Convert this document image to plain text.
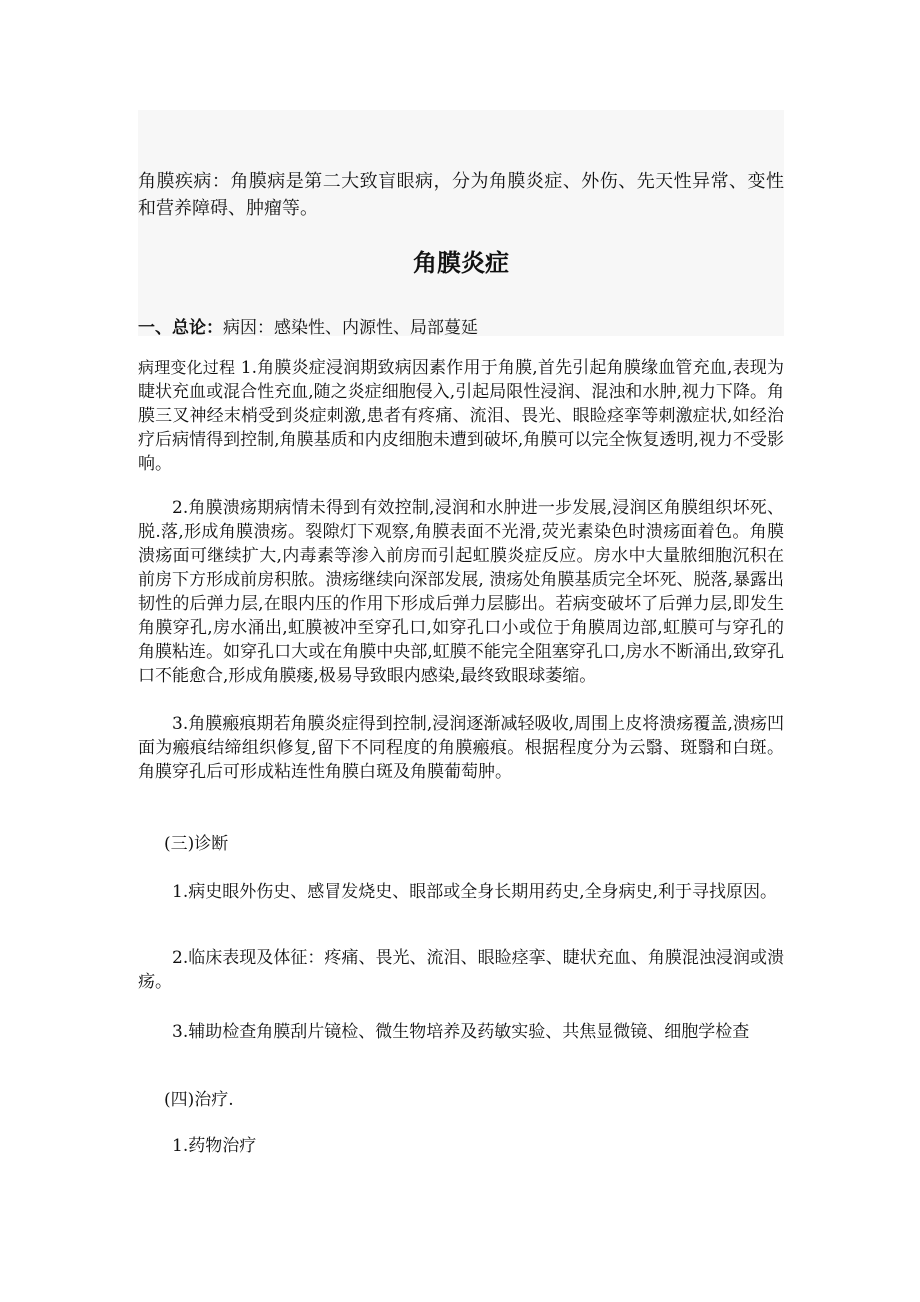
角膜疾病：角膜病是第二大致盲眼病，分为角膜炎症、外伤、先天性异常、变性和营养障碍、肿瘤等。

角膜炎症

一、总论：病因：感染性、内源性、局部蔓延

病理变化过程 1.角膜炎症浸润期致病因素作用于角膜,首先引起角膜缘血管充血,表现为睫状充血或混合性充血,随之炎症细胞侵入,引起局限性浸润、混浊和水肿,视力下降。角膜三叉神经末梢受到炎症刺激,患者有疼痛、流泪、畏光、眼睑痉挛等刺激症状,如经治疗后病情得到控制,角膜基质和内皮细胞未遭到破坏,角膜可以完全恢复透明,视力不受影响。

2.角膜溃疡期病情未得到有效控制,浸润和水肿进一步发展,浸润区角膜组织坏死、脱.落,形成角膜溃疡。裂隙灯下观察,角膜表面不光滑,荧光素染色时溃疡面着色。角膜溃疡面可继续扩大,内毒素等渗入前房而引起虹膜炎症反应。房水中大量脓细胞沉积在前房下方形成前房积脓。溃疡继续向深部发展, 溃疡处角膜基质完全坏死、脱落,暴露出韧性的后弹力层,在眼内压的作用下形成后弹力层膨出。若病变破坏了后弹力层,即发生角膜穿孔,房水涌出,虹膜被冲至穿孔口,如穿孔口小或位于角膜周边部,虹膜可与穿孔的角膜粘连。如穿孔口大或在角膜中央部,虹膜不能完全阻塞穿孔口,房水不断涌出,致穿孔口不能愈合,形成角膜瘘,极易导致眼内感染,最终致眼球萎缩。

3.角膜瘢痕期若角膜炎症得到控制,浸润逐渐减轻吸收,周围上皮将溃疡覆盖,溃疡凹面为瘢痕结缔组织修复,留下不同程度的角膜瘢痕。根据程度分为云翳、斑翳和白斑。角膜穿孔后可形成粘连性角膜白斑及角膜葡萄肿。

(三)诊断

1.病史眼外伤史、感冒发烧史、眼部或全身长期用药史,全身病史,利于寻找原因。

2.临床表现及体征：疼痛、畏光、流泪、眼睑痉挛、睫状充血、角膜混浊浸润或溃疡。

3.辅助检查角膜刮片镜检、微生物培养及药敏实验、共焦显微镜、细胞学检查

(四)治疗.

1.药物治疗
